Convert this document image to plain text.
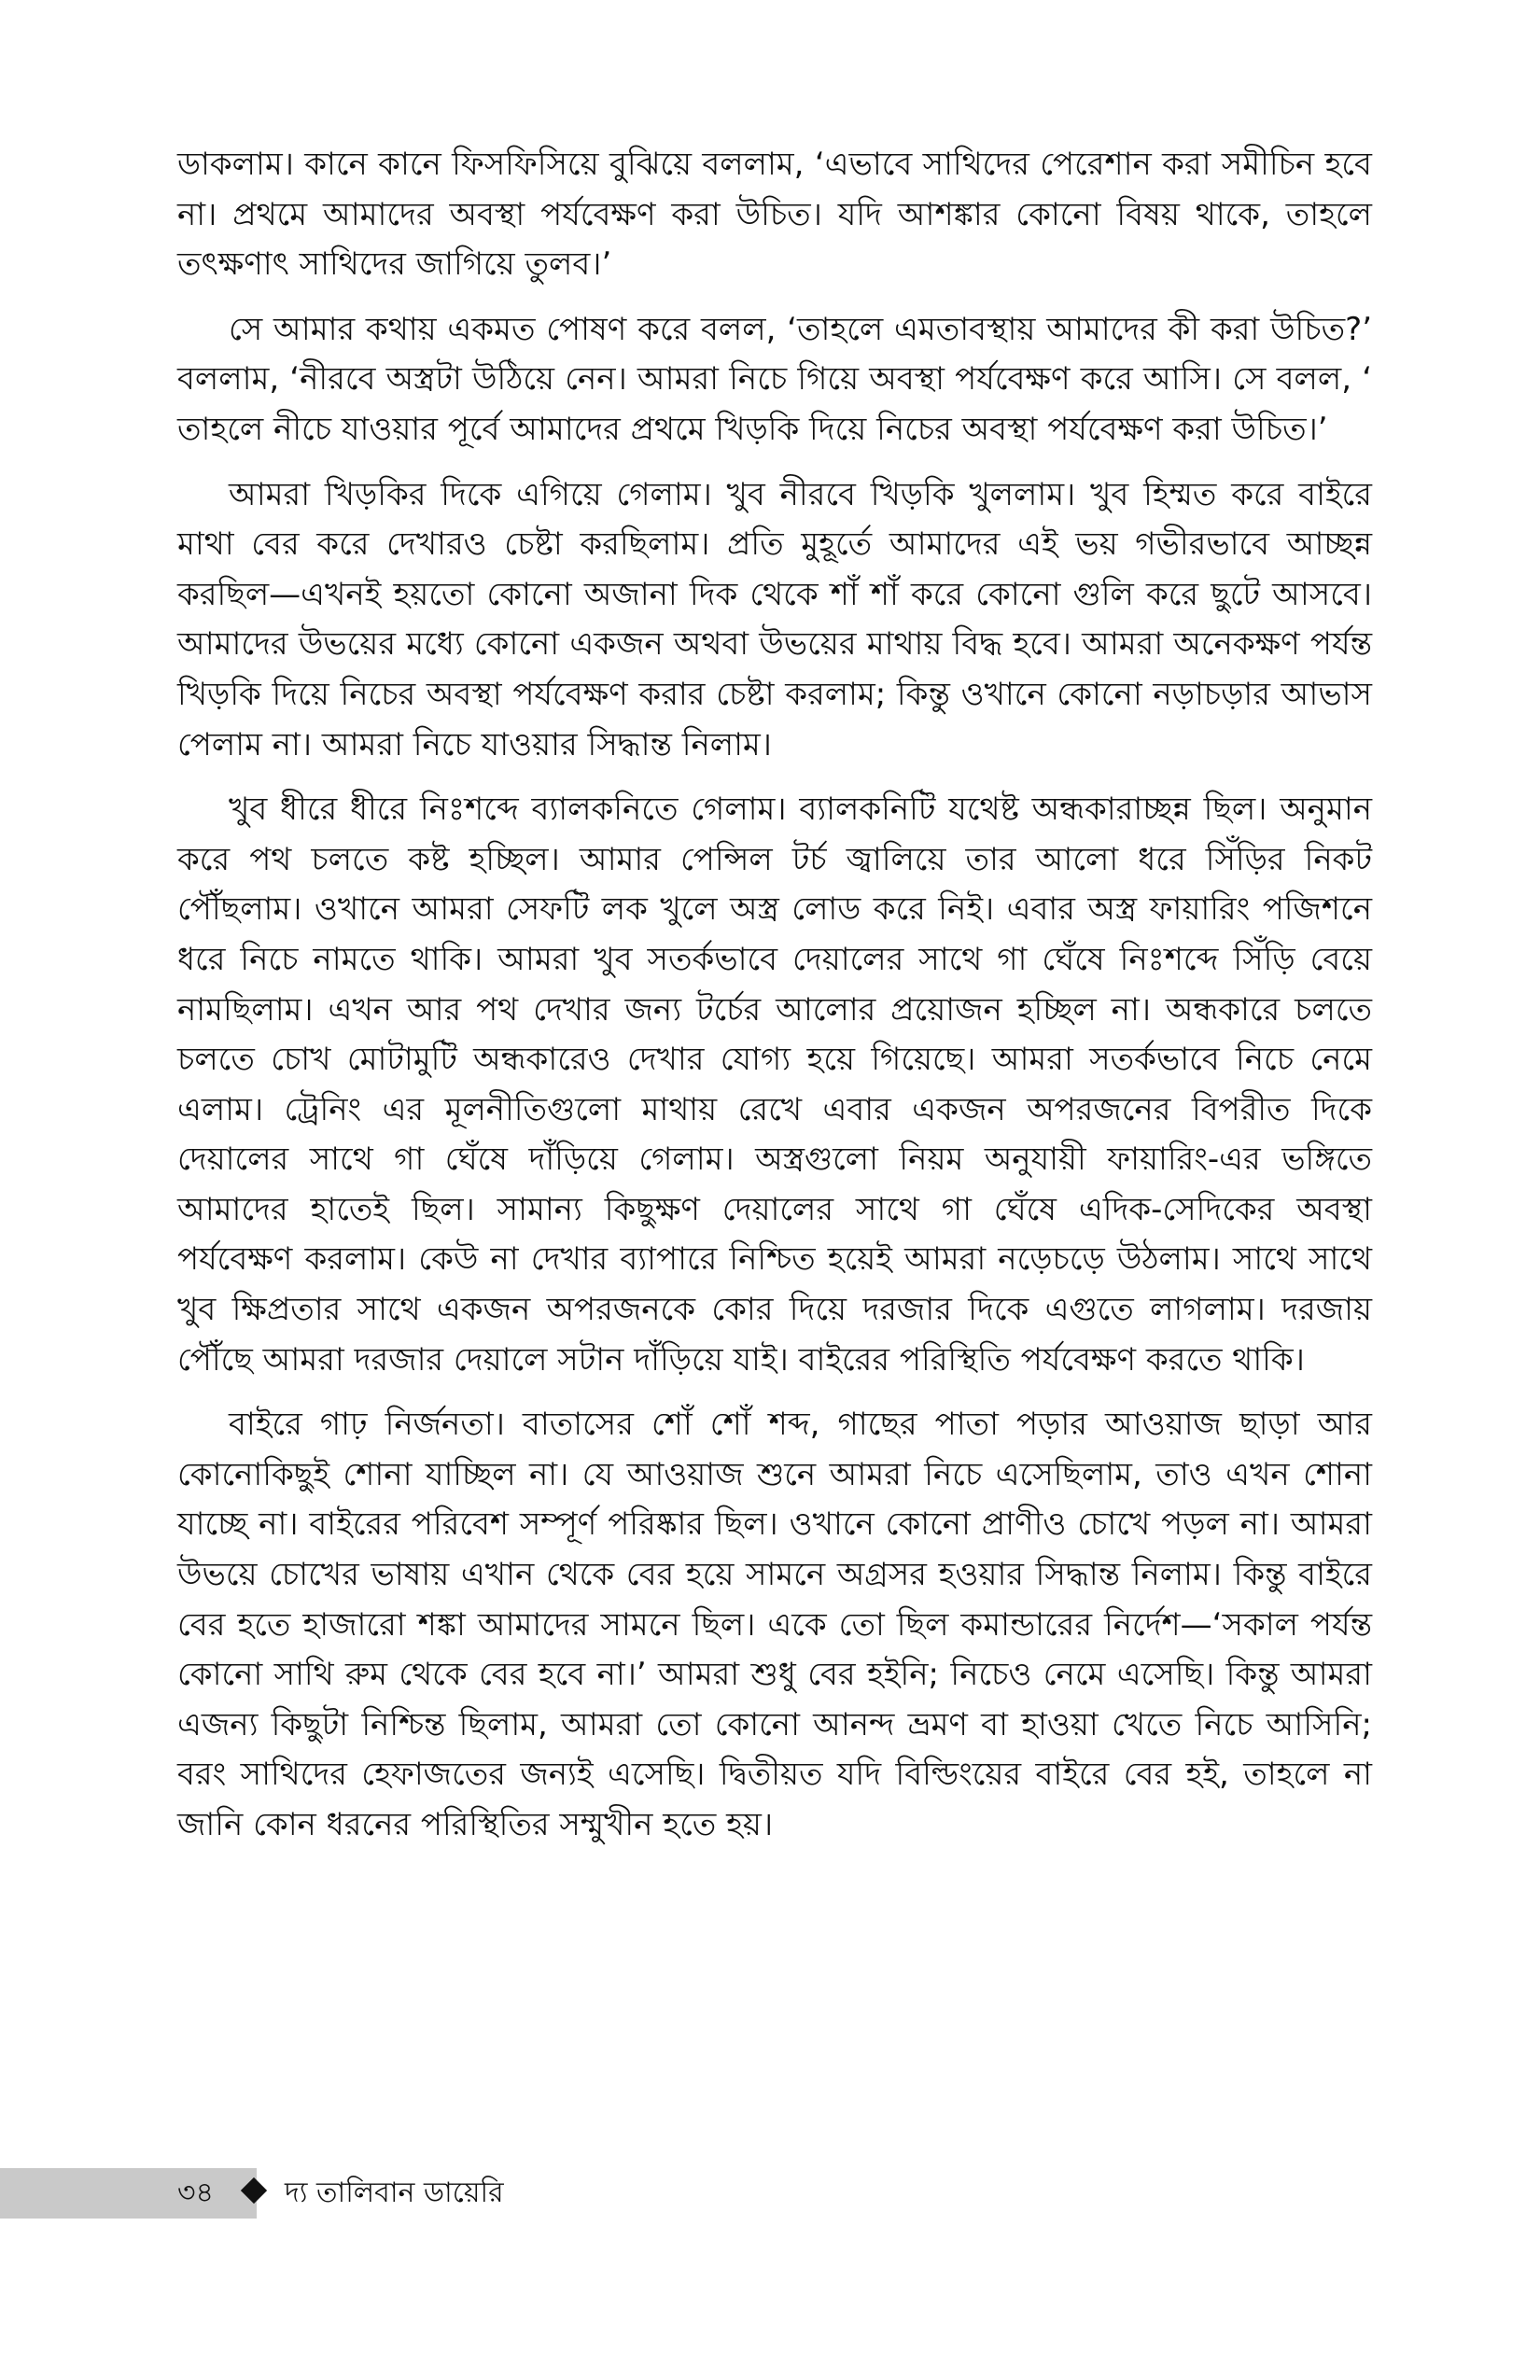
ডাকলাম। কানে কানে ফিসফিসিয়ে বুঝিয়ে বললাম, ‘এভাবে সাথিদের পেরেশান করা সমীচিন হবে না। প্রথমে আমাদের অবস্থা পর্যবেক্ষণ করা উচিত। যদি আশঙ্কার কোনো বিষয় থাকে, তাহলে তৎক্ষণাৎ সাথিদের জাগিয়ে তুলব।’

সে আমার কথায় একমত পোষণ করে বলল, ‘তাহলে এমতাবস্থায় আমাদের কী করা উচিত?’ বললাম, ‘নীরবে অস্ত্রটা উঠিয়ে নেন। আমরা নিচে গিয়ে অবস্থা পর্যবেক্ষণ করে আসি। সে বলল, ‘ তাহলে নীচে যাওয়ার পূর্বে আমাদের প্রথমে খিড়কি দিয়ে নিচের অবস্থা পর্যবেক্ষণ করা উচিত।’

আমরা খিড়কির দিকে এগিয়ে গেলাম। খুব নীরবে খিড়কি খুললাম। খুব হিম্মত করে বাইরে মাথা বের করে দেখারও চেষ্টা করছিলাম। প্রতি মুহূর্তে আমাদের এই ভয় গভীরভাবে আচ্ছন্ন করছিল—এখনই হয়তো কোনো অজানা দিক থেকে শাঁ শাঁ করে কোনো গুলি করে ছুটে আসবে। আমাদের উভয়ের মধ্যে কোনো একজন অথবা উভয়ের মাথায় বিদ্ধ হবে। আমরা অনেকক্ষণ পর্যন্ত খিড়কি দিয়ে নিচের অবস্থা পর্যবেক্ষণ করার চেষ্টা করলাম; কিন্তু ওখানে কোনো নড়াচড়ার আভাস পেলাম না। আমরা নিচে যাওয়ার সিদ্ধান্ত নিলাম।

খুব ধীরে ধীরে নিঃশব্দে ব্যালকনিতে গেলাম। ব্যালকনিটি যথেষ্ট অন্ধকারাচ্ছন্ন ছিল। অনুমান করে পথ চলতে কষ্ট হচ্ছিল। আমার পেন্সিল টর্চ জ্বালিয়ে তার আলো ধরে সিঁড়ির নিকট পৌঁছলাম। ওখানে আমরা সেফটি লক খুলে অস্ত্র লোড করে নিই। এবার অস্ত্র ফায়ারিং পজিশনে ধরে নিচে নামতে থাকি। আমরা খুব সতর্কভাবে দেয়ালের সাথে গা ঘেঁষে নিঃশব্দে সিঁড়ি বেয়ে নামছিলাম। এখন আর পথ দেখার জন্য টর্চের আলোর প্রয়োজন হচ্ছিল না। অন্ধকারে চলতে চলতে চোখ মোটামুটি অন্ধকারেও দেখার যোগ্য হয়ে গিয়েছে। আমরা সতর্কভাবে নিচে নেমে এলাম। ট্রেনিং এর মূলনীতিগুলো মাথায় রেখে এবার একজন অপরজনের বিপরীত দিকে দেয়ালের সাথে গা ঘেঁষে দাঁড়িয়ে গেলাম। অস্ত্রগুলো নিয়ম অনুযায়ী ফায়ারিং-এর ভঙ্গিতে আমাদের হাতেই ছিল। সামান্য কিছুক্ষণ দেয়ালের সাথে গা ঘেঁষে এদিক-সেদিকের অবস্থা পর্যবেক্ষণ করলাম। কেউ না দেখার ব্যাপারে নিশ্চিত হয়েই আমরা নড়েচড়ে উঠলাম। সাথে সাথে খুব ক্ষিপ্রতার সাথে একজন অপরজনকে কোর দিয়ে দরজার দিকে এগুতে লাগলাম। দরজায় পৌঁছে আমরা দরজার দেয়ালে সটান দাঁড়িয়ে যাই। বাইরের পরিস্থিতি পর্যবেক্ষণ করতে থাকি।

বাইরে গাঢ় নির্জনতা। বাতাসের শোঁ শোঁ শব্দ, গাছের পাতা পড়ার আওয়াজ ছাড়া আর কোনোকিছুই শোনা যাচ্ছিল না। যে আওয়াজ শুনে আমরা নিচে এসেছিলাম, তাও এখন শোনা যাচ্ছে না। বাইরের পরিবেশ সম্পূর্ণ পরিষ্কার ছিল। ওখানে কোনো প্রাণীও চোখে পড়ল না। আমরা উভয়ে চোখের ভাষায় এখান থেকে বের হয়ে সামনে অগ্রসর হওয়ার সিদ্ধান্ত নিলাম। কিন্তু বাইরে বের হতে হাজারো শঙ্কা আমাদের সামনে ছিল। একে তো ছিল কমান্ডারের নির্দেশ—‘সকাল পর্যন্ত কোনো সাথি রুম থেকে বের হবে না।’ আমরা শুধু বের হইনি; নিচেও নেমে এসেছি। কিন্তু আমরা এজন্য কিছুটা নিশ্চিন্ত ছিলাম, আমরা তো কোনো আনন্দ ভ্রমণ বা হাওয়া খেতে নিচে আসিনি; বরং সাথিদের হেফাজতের জন্যই এসেছি। দ্বিতীয়ত যদি বিল্ডিংয়ের বাইরে বের হই, তাহলে না জানি কোন ধরনের পরিস্থিতির সম্মুখীন হতে হয়।

৩৪	দ্য তালিবান ডায়েরি
